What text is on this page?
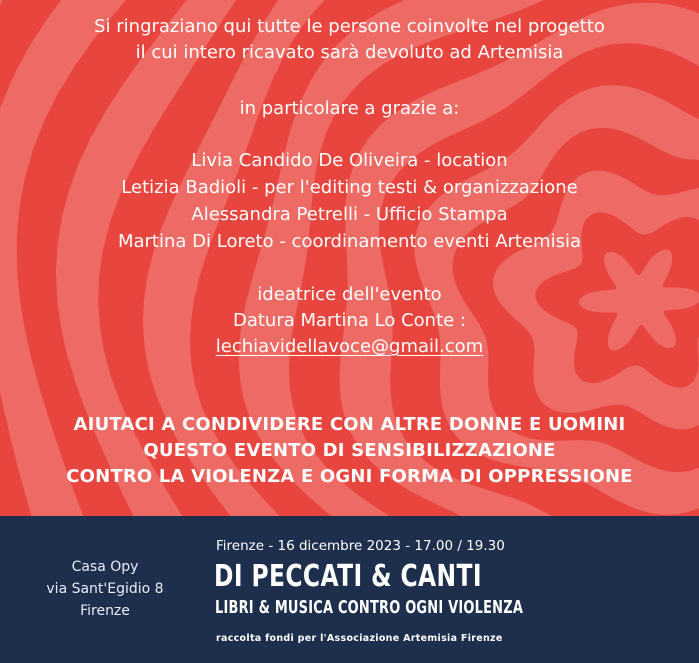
Si ringraziano qui tutte le persone coinvolte nel progetto
il cui intero ricavato sarà devoluto ad Artemisia
in particolare a grazie a:
Livia Candido De Oliveira - location
Letizia Badioli - per l'editing testi & organizzazione
Alessandra Petrelli - Ufficio Stampa
Martina Di Loreto - coordinamento eventi Artemisia
ideatrice dell'evento
Datura Martina Lo Conte :
lechiavidellavoce@gmail.com
AIUTACI A CONDIVIDERE CON ALTRE DONNE E UOMINI
QUESTO EVENTO DI SENSIBILIZZAZIONE
CONTRO LA VIOLENZA E OGNI FORMA DI OPPRESSIONE
Casa Opy
via Sant'Egidio 8
Firenze
Firenze - 16 dicembre 2023 - 17.00 / 19.30
DI PECCATI & CANTI
LIBRI & MUSICA CONTRO OGNI VIOLENZA
raccolta fondi per l'Associazione Artemisia Firenze
